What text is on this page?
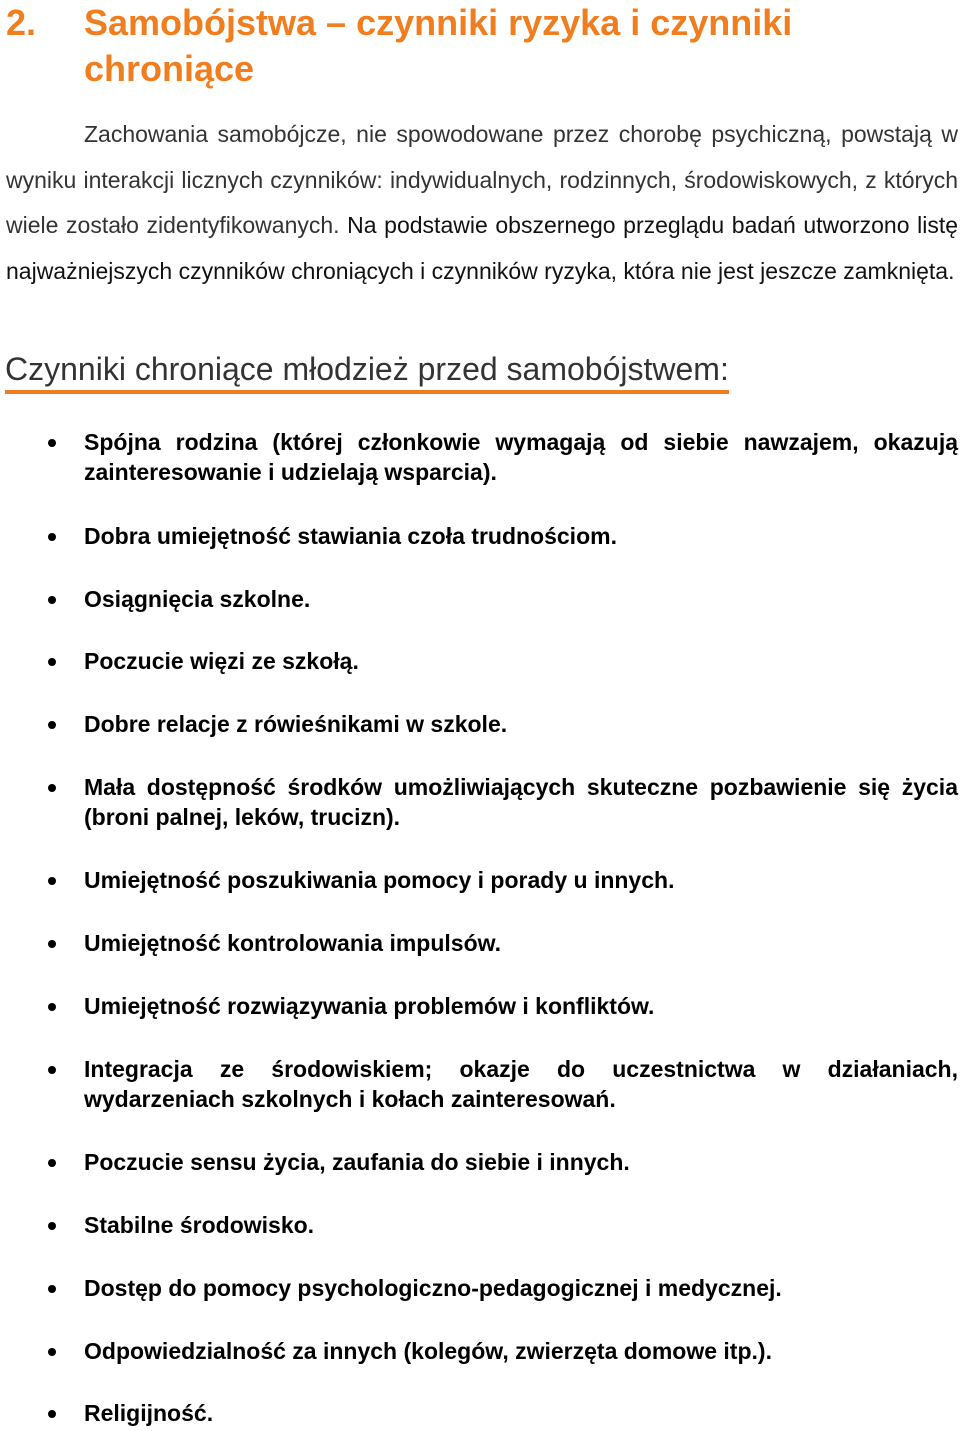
2.	Samobójstwa – czynniki ryzyka i czynniki chroniące

Zachowania samobójcze, nie spowodowane przez chorobę psychiczną, powstają w wyniku interakcji licznych czynników: indywidualnych, rodzinnych, środowiskowych, z których wiele zostało zidentyfikowanych. Na podstawie obszernego przeglądu badań utworzono listę najważniejszych czynników chroniących i czynników ryzyka, która nie jest jeszcze zamknięta.

Czynniki chroniące młodzież przed samobójstwem:
Spójna rodzina (której członkowie wymagają od siebie nawzajem, okazują zainteresowanie i udzielają wsparcia).
Dobra umiejętność stawiania czoła trudnościom.
Osiągnięcia szkolne.
Poczucie więzi ze szkołą.
Dobre relacje z rówieśnikami w szkole.
Mała dostępność środków umożliwiających skuteczne pozbawienie się życia (broni palnej, leków, trucizn).
Umiejętność poszukiwania pomocy i porady u innych.
Umiejętność kontrolowania impulsów.
Umiejętność rozwiązywania problemów i konfliktów.
Integracja ze środowiskiem; okazje do uczestnictwa w działaniach, wydarzeniach szkolnych i kołach zainteresowań.
Poczucie sensu życia, zaufania do siebie i innych.
Stabilne środowisko.
Dostęp do pomocy psychologiczno-pedagogicznej i medycznej.
Odpowiedzialność za innych (kolegów, zwierzęta domowe itp.).
Religijność.
